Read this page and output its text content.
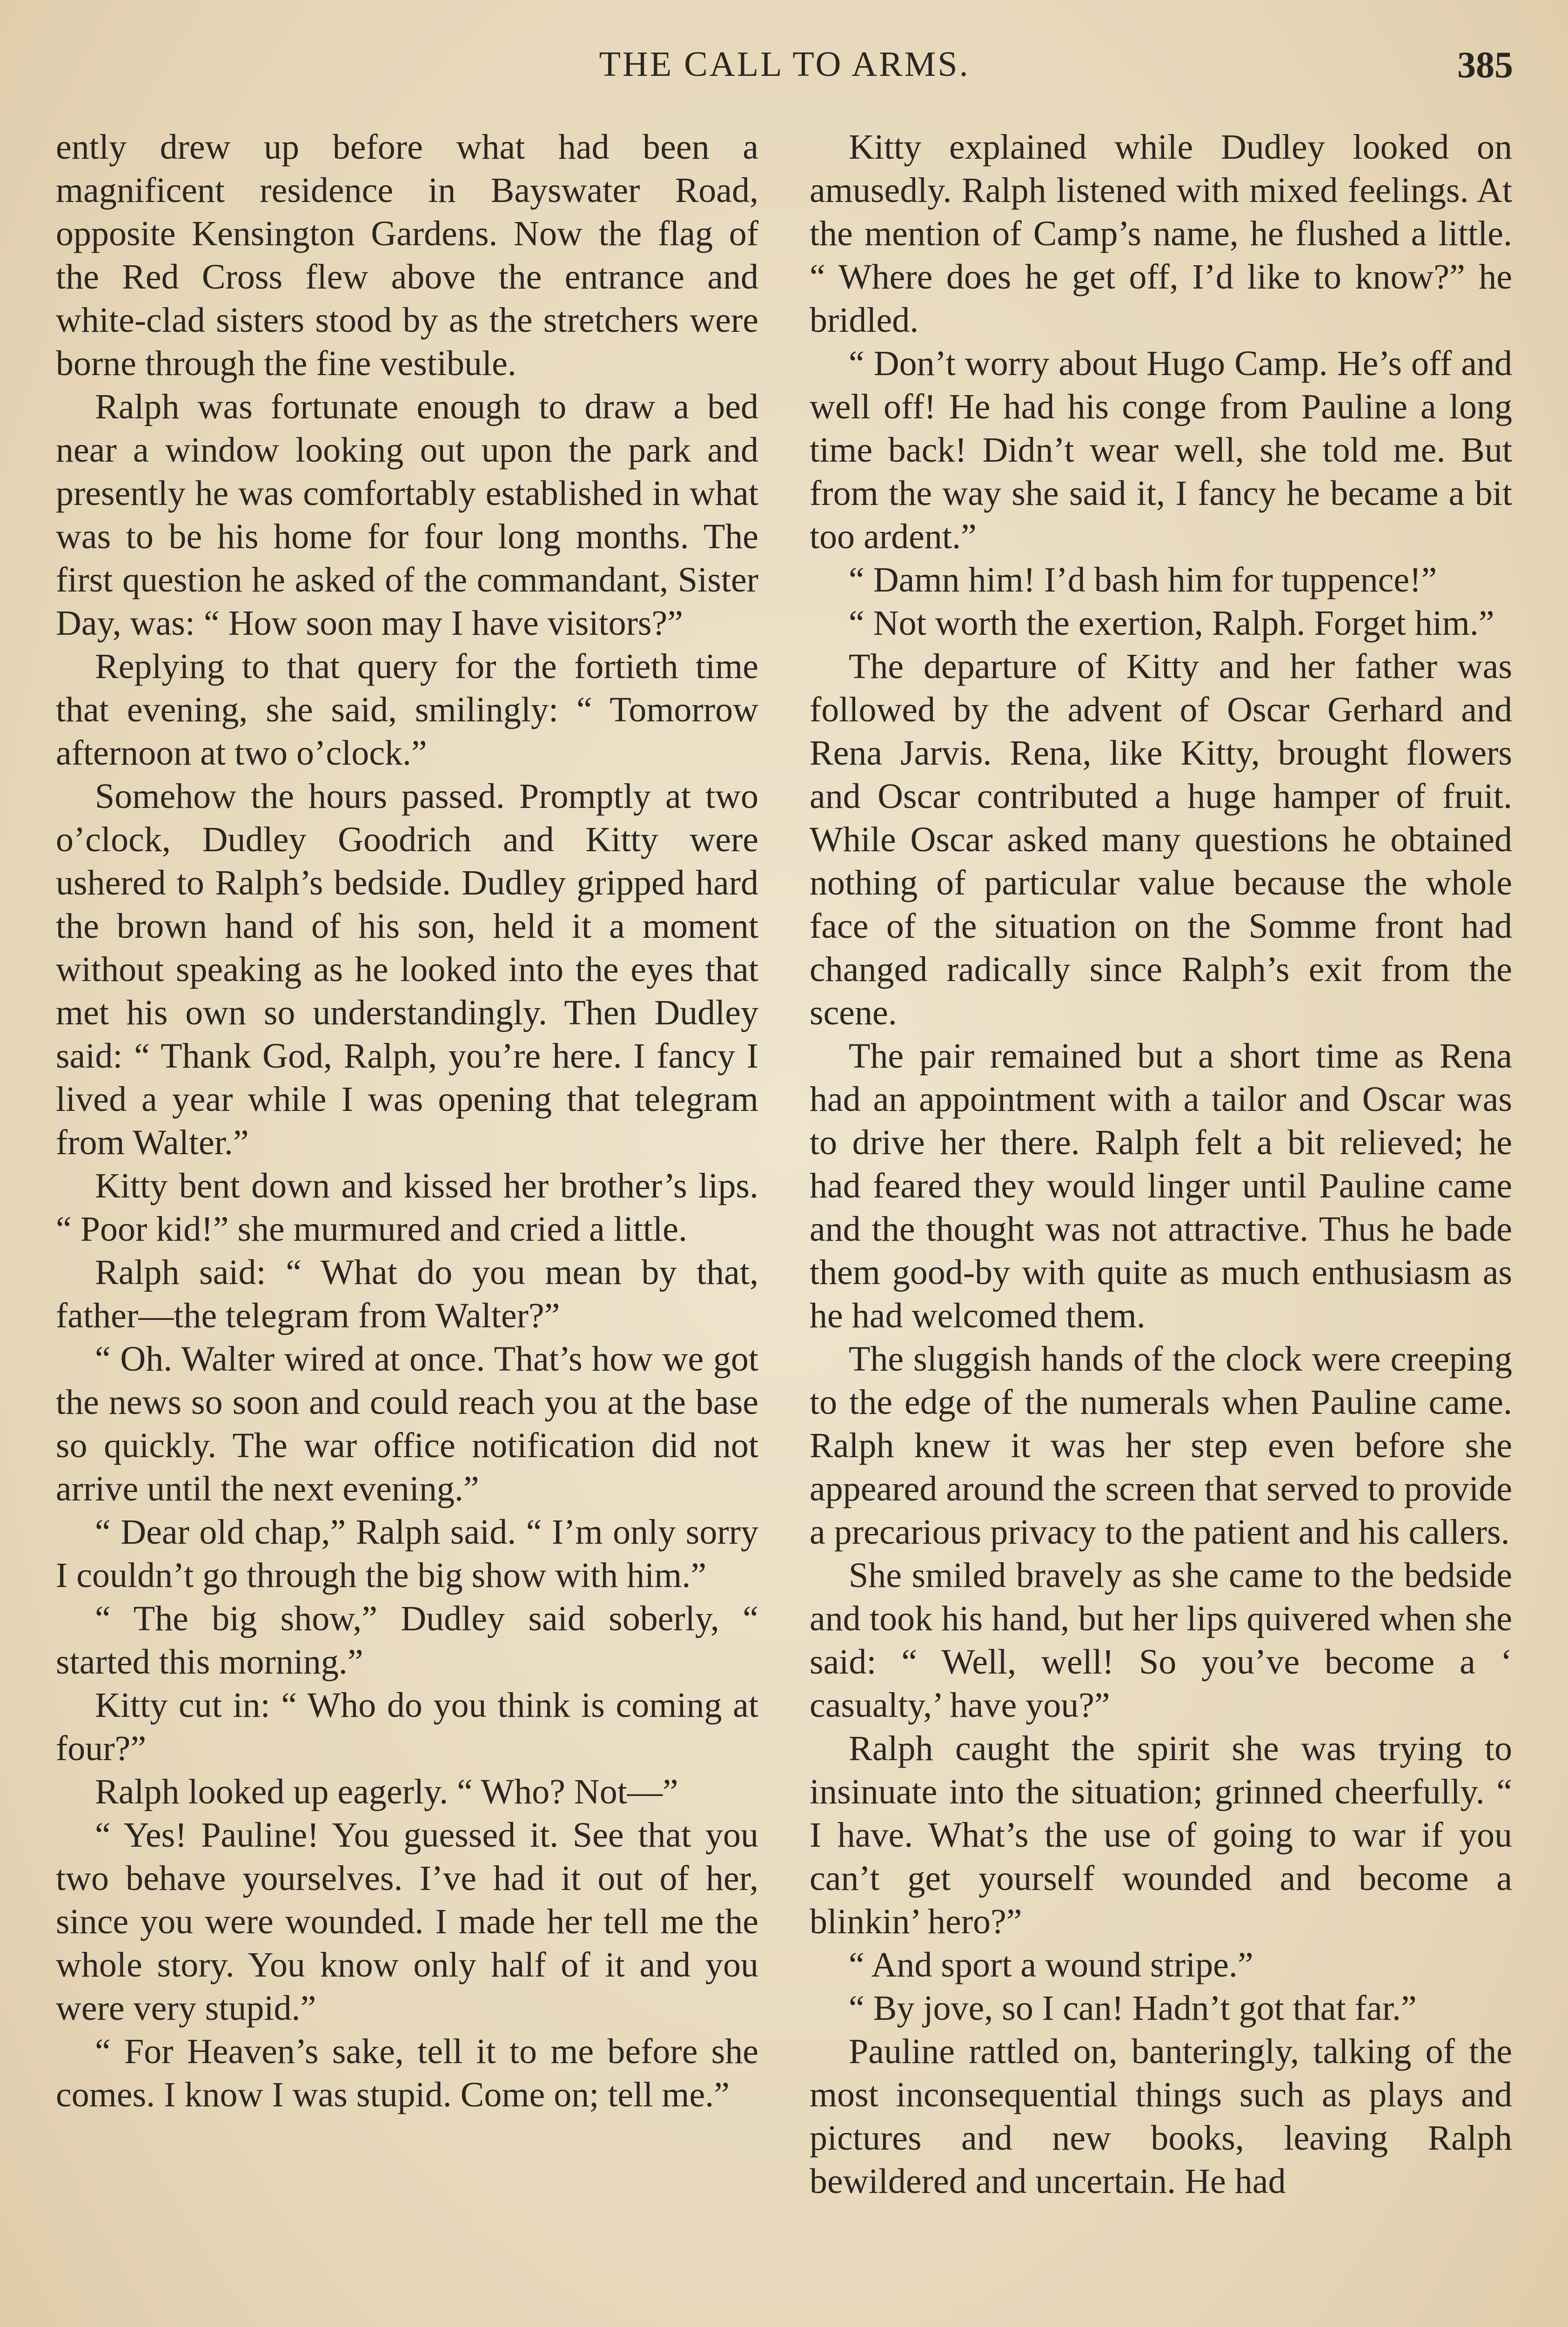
THE CALL TO ARMS.	385

ently drew up before what had been a magnificent residence in Bayswater Road, opposite Kensington Gardens. Now the flag of the Red Cross flew above the entrance and white-clad sisters stood by as the stretchers were borne through the fine vestibule.

Ralph was fortunate enough to draw a bed near a window looking out upon the park and presently he was comfortably established in what was to be his home for four long months. The first question he asked of the commandant, Sister Day, was: “ How soon may I have visitors?”

Replying to that query for the fortieth time that evening, she said, smilingly: “ Tomorrow afternoon at two o’clock.”

Somehow the hours passed. Promptly at two o’clock, Dudley Goodrich and Kitty were ushered to Ralph’s bedside. Dudley gripped hard the brown hand of his son, held it a moment without speaking as he looked into the eyes that met his own so understandingly. Then Dudley said: “ Thank God, Ralph, you’re here. I fancy I lived a year while I was opening that telegram from Walter.”

Kitty bent down and kissed her brother’s lips. “ Poor kid!” she murmured and cried a little.

Ralph said: “ What do you mean by that, father—the telegram from Walter?”

“ Oh. Walter wired at once. That’s how we got the news so soon and could reach you at the base so quickly. The war office notification did not arrive until the next evening.”

“ Dear old chap,” Ralph said. “ I’m only sorry I couldn’t go through the big show with him.”

“ The big show,” Dudley said soberly, “ started this morning.”

Kitty cut in: “ Who do you think is coming at four?”

Ralph looked up eagerly. “ Who? Not—”

“ Yes! Pauline! You guessed it. See that you two behave yourselves. I’ve had it out of her, since you were wounded. I made her tell me the whole story. You know only half of it and you were very stupid.”

“ For Heaven’s sake, tell it to me before she comes. I know I was stupid. Come on; tell me.”

Kitty explained while Dudley looked on amusedly. Ralph listened with mixed feelings. At the mention of Camp’s name, he flushed a little. “ Where does he get off, I’d like to know?” he bridled.

“ Don’t worry about Hugo Camp. He’s off and well off! He had his conge from Pauline a long time back! Didn’t wear well, she told me. But from the way she said it, I fancy he became a bit too ardent.”

“ Damn him! I’d bash him for tuppence!”

“ Not worth the exertion, Ralph. Forget him.”

The departure of Kitty and her father was followed by the advent of Oscar Gerhard and Rena Jarvis. Rena, like Kitty, brought flowers and Oscar contributed a huge hamper of fruit. While Oscar asked many questions he obtained nothing of particular value because the whole face of the situation on the Somme front had changed radically since Ralph’s exit from the scene.

The pair remained but a short time as Rena had an appointment with a tailor and Oscar was to drive her there. Ralph felt a bit relieved; he had feared they would linger until Pauline came and the thought was not attractive. Thus he bade them good-by with quite as much enthusiasm as he had welcomed them.

The sluggish hands of the clock were creeping to the edge of the numerals when Pauline came. Ralph knew it was her step even before she appeared around the screen that served to provide a precarious privacy to the patient and his callers.

She smiled bravely as she came to the bedside and took his hand, but her lips quivered when she said: “ Well, well! So you’ve become a ‘ casualty,’ have you?”

Ralph caught the spirit she was trying to insinuate into the situation; grinned cheerfully. “ I have. What’s the use of going to war if you can’t get yourself wounded and become a blinkin’ hero?”

“ And sport a wound stripe.”

“ By jove, so I can! Hadn’t got that far.”

Pauline rattled on, banteringly, talking of the most inconsequential things such as plays and pictures and new books, leaving Ralph bewildered and uncertain. He had
